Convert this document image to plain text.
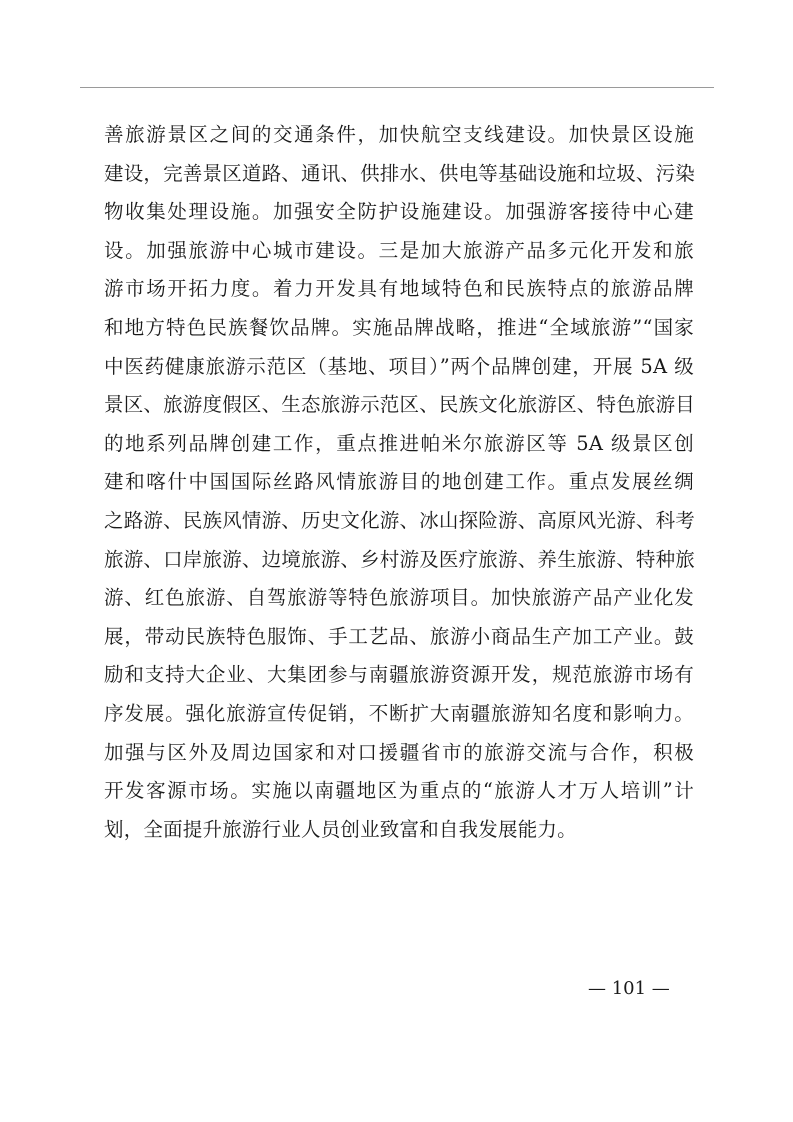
善旅游景区之间的交通条件，加快航空支线建设。加快景区设施
建设，完善景区道路、通讯、供排水、供电等基础设施和垃圾、污染
物收集处理设施。加强安全防护设施建设。加强游客接待中心建
设。加强旅游中心城市建设。三是加大旅游产品多元化开发和旅
游市场开拓力度。着力开发具有地域特色和民族特点的旅游品牌
和地方特色民族餐饮品牌。实施品牌战略，推进“全域旅游”“国家
中医药健康旅游示范区（基地、项目）”两个品牌创建，开展 5A 级
景区、旅游度假区、生态旅游示范区、民族文化旅游区、特色旅游目
的地系列品牌创建工作，重点推进帕米尔旅游区等 5A 级景区创
建和喀什中国国际丝路风情旅游目的地创建工作。重点发展丝绸
之路游、民族风情游、历史文化游、冰山探险游、高原风光游、科考
旅游、口岸旅游、边境旅游、乡村游及医疗旅游、养生旅游、特种旅
游、红色旅游、自驾旅游等特色旅游项目。加快旅游产品产业化发
展，带动民族特色服饰、手工艺品、旅游小商品生产加工产业。鼓
励和支持大企业、大集团参与南疆旅游资源开发，规范旅游市场有
序发展。强化旅游宣传促销，不断扩大南疆旅游知名度和影响力。
加强与区外及周边国家和对口援疆省市的旅游交流与合作，积极
开发客源市场。实施以南疆地区为重点的“旅游人才万人培训”计
划，全面提升旅游行业人员创业致富和自我发展能力。
— 101 —
